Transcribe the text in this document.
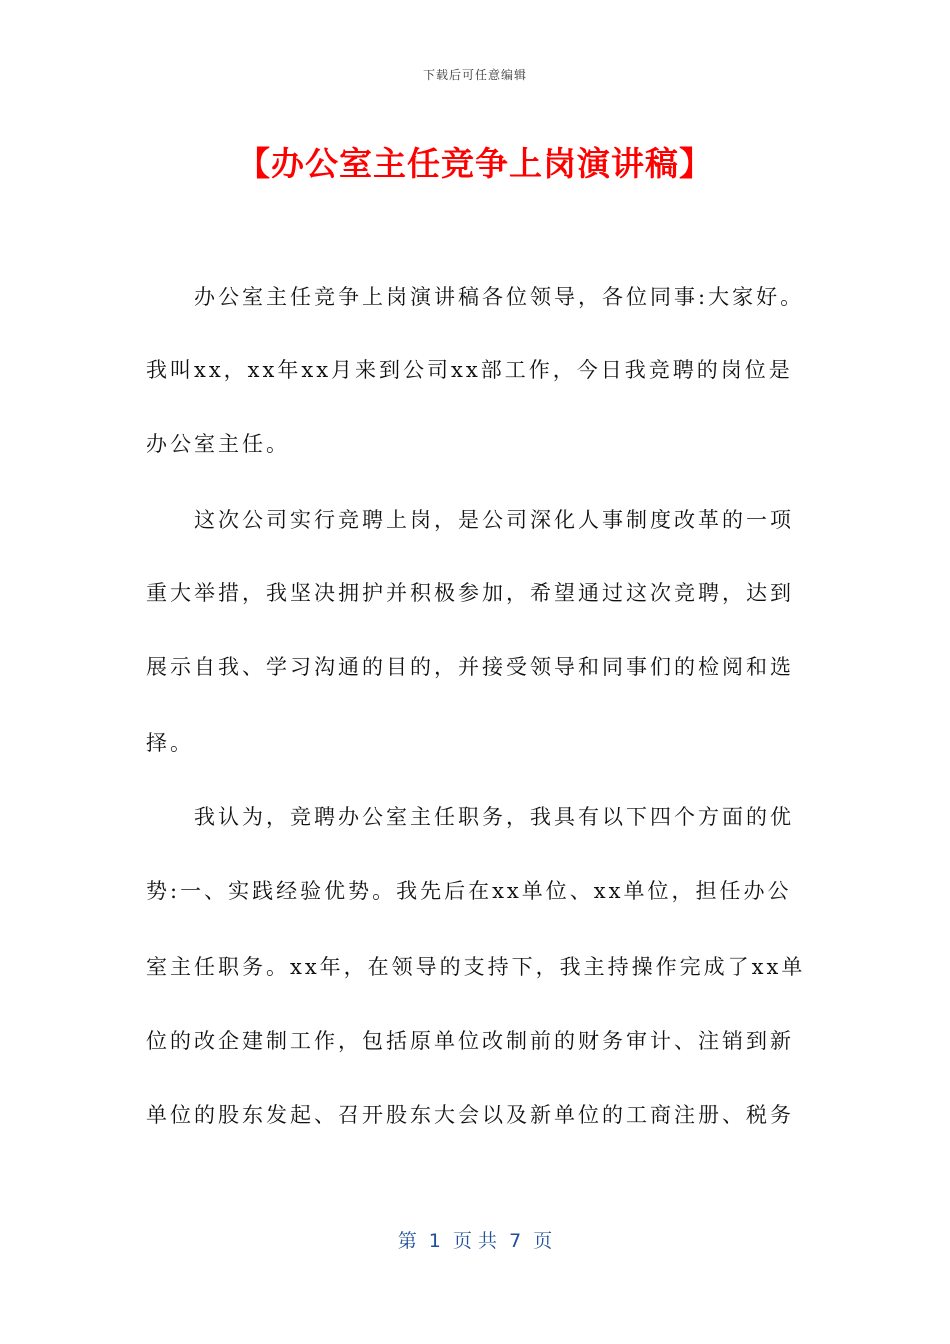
下载后可任意编辑
【办公室主任竞争上岗演讲稿】
　　办公室主任竞争上岗演讲稿各位领导，各位同事:大家好。
我叫xx，xx年xx月来到公司xx部工作，今日我竞聘的岗位是
办公室主任。
　　这次公司实行竞聘上岗，是公司深化人事制度改革的一项
重大举措，我坚决拥护并积极参加，希望通过这次竞聘，达到
展示自我、学习沟通的目的，并接受领导和同事们的检阅和选
择。
　　我认为，竞聘办公室主任职务，我具有以下四个方面的优
势:一、实践经验优势。我先后在xx单位、xx单位，担任办公
室主任职务。xx年，在领导的支持下，我主持操作完成了xx单
位的改企建制工作，包括原单位改制前的财务审计、注销到新
单位的股东发起、召开股东大会以及新单位的工商注册、税务
第  1  页 共  7  页
